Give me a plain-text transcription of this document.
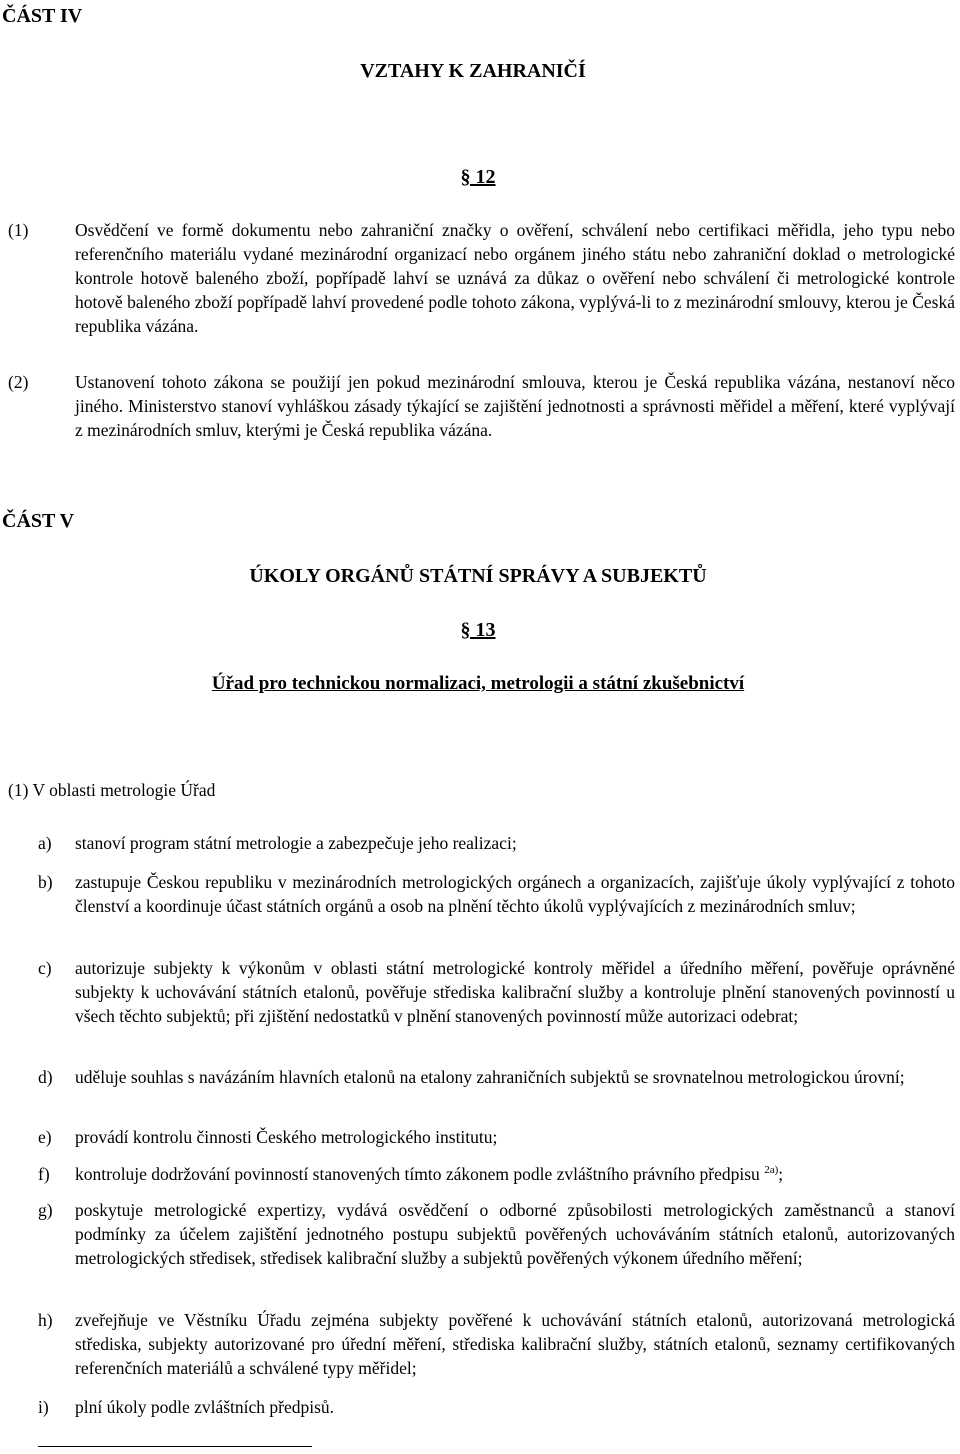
ČÁST IV
VZTAHY K ZAHRANIČÍ
§ 12
(1)	Osvědčení ve formě dokumentu nebo zahraniční značky o ověření, schválení nebo certifikaci měřidla, jeho typu nebo referenčního materiálu vydané mezinárodní organizací nebo orgánem jiného státu nebo zahraniční doklad o metrologické kontrole hotově baleného zboží, popřípadě lahví se uznává za důkaz o ověření nebo schválení či metrologické kontrole hotově baleného zboží popřípadě lahví provedené podle tohoto zákona, vyplývá-li to z mezinárodní smlouvy, kterou je Česká republika vázána.
(2)	Ustanovení tohoto zákona se použijí jen pokud mezinárodní smlouva, kterou je Česká republika vázána, nestanoví něco jiného. Ministerstvo stanoví vyhláškou zásady týkající se zajištění jednotnosti a správnosti měřidel a měření, které vyplývají z mezinárodních smluv, kterými je Česká republika vázána.
ČÁST V
ÚKOLY ORGÁNŮ STÁTNÍ SPRÁVY A SUBJEKTŮ
§ 13
Úřad pro technickou normalizaci, metrologii a státní zkušebnictví
(1) V oblasti metrologie Úřad
a) stanoví program státní metrologie a zabezpečuje jeho realizaci;
b) zastupuje Českou republiku v mezinárodních metrologických orgánech a organizacích, zajišťuje úkoly vyplývající z tohoto členství a koordinuje účast státních orgánů a osob na plnění těchto úkolů vyplývajících z mezinárodních smluv;
c) autorizuje subjekty k výkonům v oblasti státní metrologické kontroly měřidel a úředního měření, pověřuje oprávněné subjekty k uchovávání státních etalonů, pověřuje střediska kalibrační služby a kontroluje plnění stanovených povinností u všech těchto subjektů; při zjištění nedostatků v plnění stanovených povinností může autorizaci odebrat;
d) uděluje souhlas s navázáním hlavních etalonů na etalony zahraničních subjektů se srovnatelnou metrologickou úrovní;
e) provádí kontrolu činnosti Českého metrologického institutu;
f) kontroluje dodržování povinností stanovených tímto zákonem podle zvláštního právního předpisu $^{2a)}$;
g) poskytuje metrologické expertizy, vydává osvědčení o odborné způsobilosti metrologických zaměstnanců a stanoví podmínky za účelem zajištění jednotného postupu subjektů pověřených uchováváním státních etalonů, autorizovaných metrologických středisek, středisek kalibrační služby a subjektů pověřených výkonem úředního měření;
h) zveřejňuje ve Věstníku Úřadu zejména subjekty pověřené k uchovávání státních etalonů, autorizovaná metrologická střediska, subjekty autorizované pro úřední měření, střediska kalibrační služby, státních etalonů, seznamy certifikovaných referenčních materiálů a schválené typy měřidel;
i) plní úkoly podle zvláštních předpisů.
